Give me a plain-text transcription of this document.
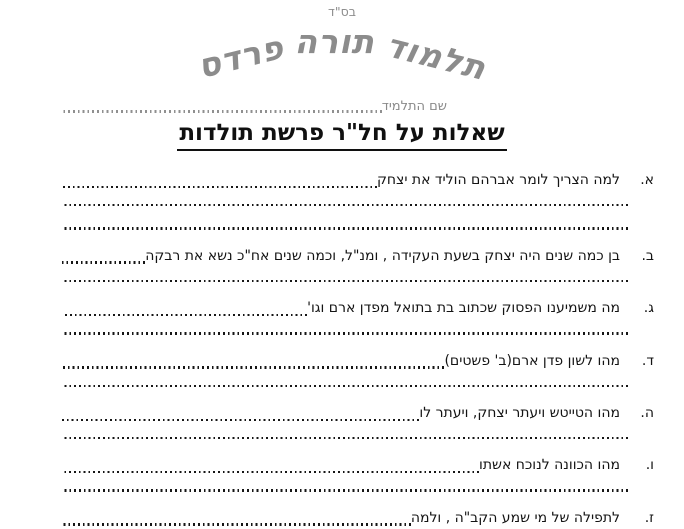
בס"ד
תלמוד
תורה
פרדס
שם התלמיד
שאלות על חל"ר פרשת תולדות
א.
למה הצריך לומר אברהם הוליד את יצחק
ב.
בן כמה שנים היה יצחק בשעת העקידה , ומנ"ל, וכמה שנים אח"כ נשא את רבקה
ג.
מה משמיענו הפסוק שכתוב בת בתואל מפדן ארם וגו'
ד.
מהו לשון פדן ארם(ב' פשטים)
ה.
מהו הטייטש ויעתר יצחק, ויעתר לו
ו.
מהו הכוונה לנוכח אשתו
ז.
לתפילה של מי שמע הקב"ה , ולמה
